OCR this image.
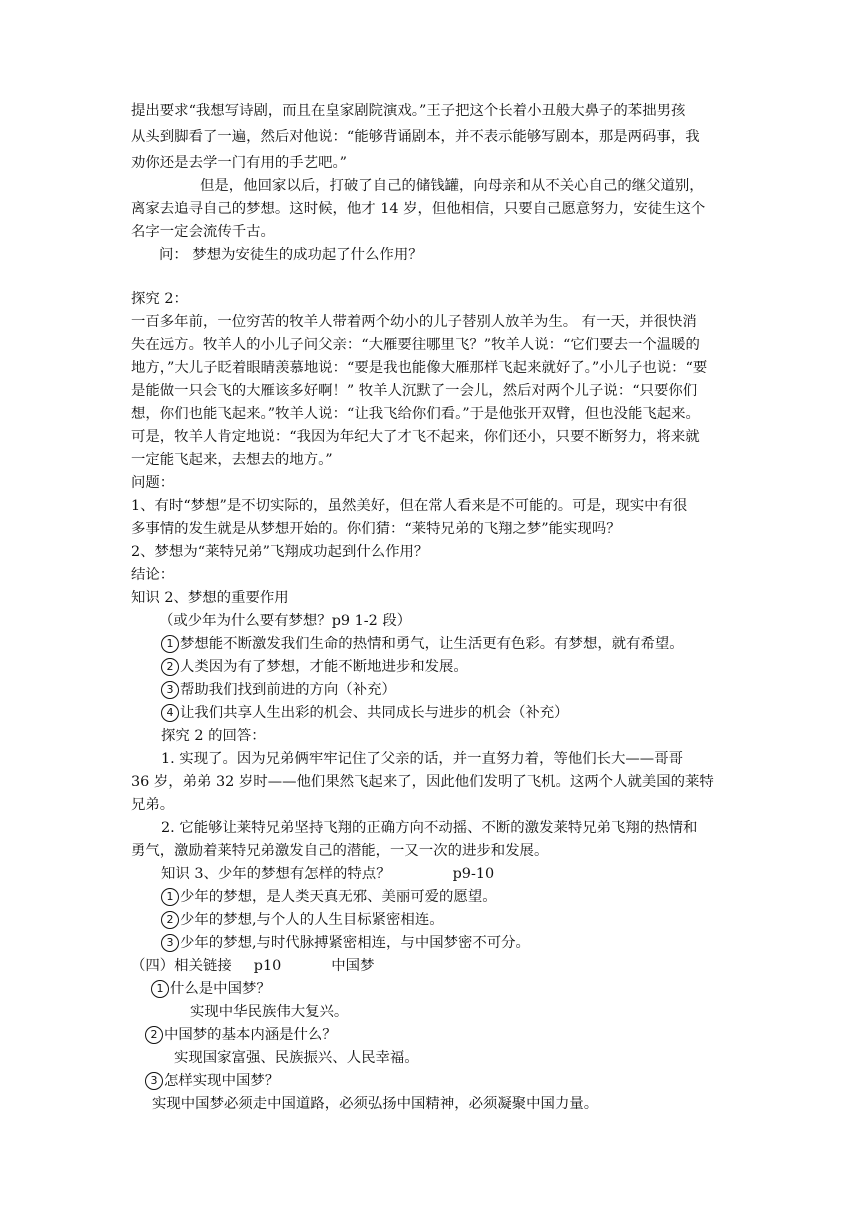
提出要求“我想写诗剧，而且在皇家剧院演戏。”王子把这个长着小丑般大鼻子的苯拙男孩
从头到脚看了一遍，然后对他说：“能够背诵剧本，并不表示能够写剧本，那是两码事，我
劝你还是去学一门有用的手艺吧。”
但是，他回家以后，打破了自己的储钱罐，向母亲和从不关心自己的继父道别，
离家去追寻自己的梦想。这时候，他才 14 岁，但他相信，只要自己愿意努力，安徒生这个
名字一定会流传千古。
问： 梦想为安徒生的成功起了什么作用？
探究 2：
一百多年前，一位穷苦的牧羊人带着两个幼小的儿子替别人放羊为生。 有一天，并很快消
失在远方。牧羊人的小儿子问父亲：“大雁要往哪里飞？”牧羊人说：“它们要去一个温暖的
地方，”大儿子眨着眼睛羡慕地说：“要是我也能像大雁那样飞起来就好了。”小儿子也说：“要
是能做一只会飞的大雁该多好啊！” 牧羊人沉默了一会儿，然后对两个儿子说：“只要你们
想，你们也能飞起来。”牧羊人说：“让我飞给你们看。”于是他张开双臂，但也没能飞起来。
可是，牧羊人肯定地说：“我因为年纪大了才飞不起来，你们还小，只要不断努力，将来就
一定能飞起来，去想去的地方。”
问题：
1、有时“梦想”是不切实际的，虽然美好，但在常人看来是不可能的。可是，现实中有很
多事情的发生就是从梦想开始的。你们猜：“莱特兄弟的飞翔之梦”能实现吗？
2、梦想为“莱特兄弟”飞翔成功起到什么作用？
结论：
知识 2、梦想的重要作用
（或少年为什么要有梦想？p9 1-2 段）
1 梦想能不断激发我们生命的热情和勇气，让生活更有色彩。有梦想，就有希望。
2 人类因为有了梦想，才能不断地进步和发展。
3 帮助我们找到前进的方向（补充）
4 让我们共享人生出彩的机会、共同成长与进步的机会（补充）
探究 2 的回答：
1. 实现了。因为兄弟俩牢牢记住了父亲的话，并一直努力着，等他们长大——哥哥
36 岁，弟弟 32 岁时——他们果然飞起来了，因此他们发明了飞机。这两个人就美国的莱特
兄弟。
2. 它能够让莱特兄弟坚持飞翔的正确方向不动摇、不断的激发莱特兄弟飞翔的热情和
勇气，激励着莱特兄弟激发自己的潜能，一又一次的进步和发展。
知识 3、少年的梦想有怎样的特点？	p9-10
1 少年的梦想，是人类天真无邪、美丽可爱的愿望。
2 少年的梦想,与个人的人生目标紧密相连。
3 少年的梦想,与时代脉搏紧密相连，与中国梦密不可分。
（四）相关链接 p10	中国梦
1 什么是中国梦？
实现中华民族伟大复兴。
2 中国梦的基本内涵是什么？
实现国家富强、民族振兴、人民幸福。
3 怎样实现中国梦？
实现中国梦必须走中国道路，必须弘扬中国精神，必须凝聚中国力量。
